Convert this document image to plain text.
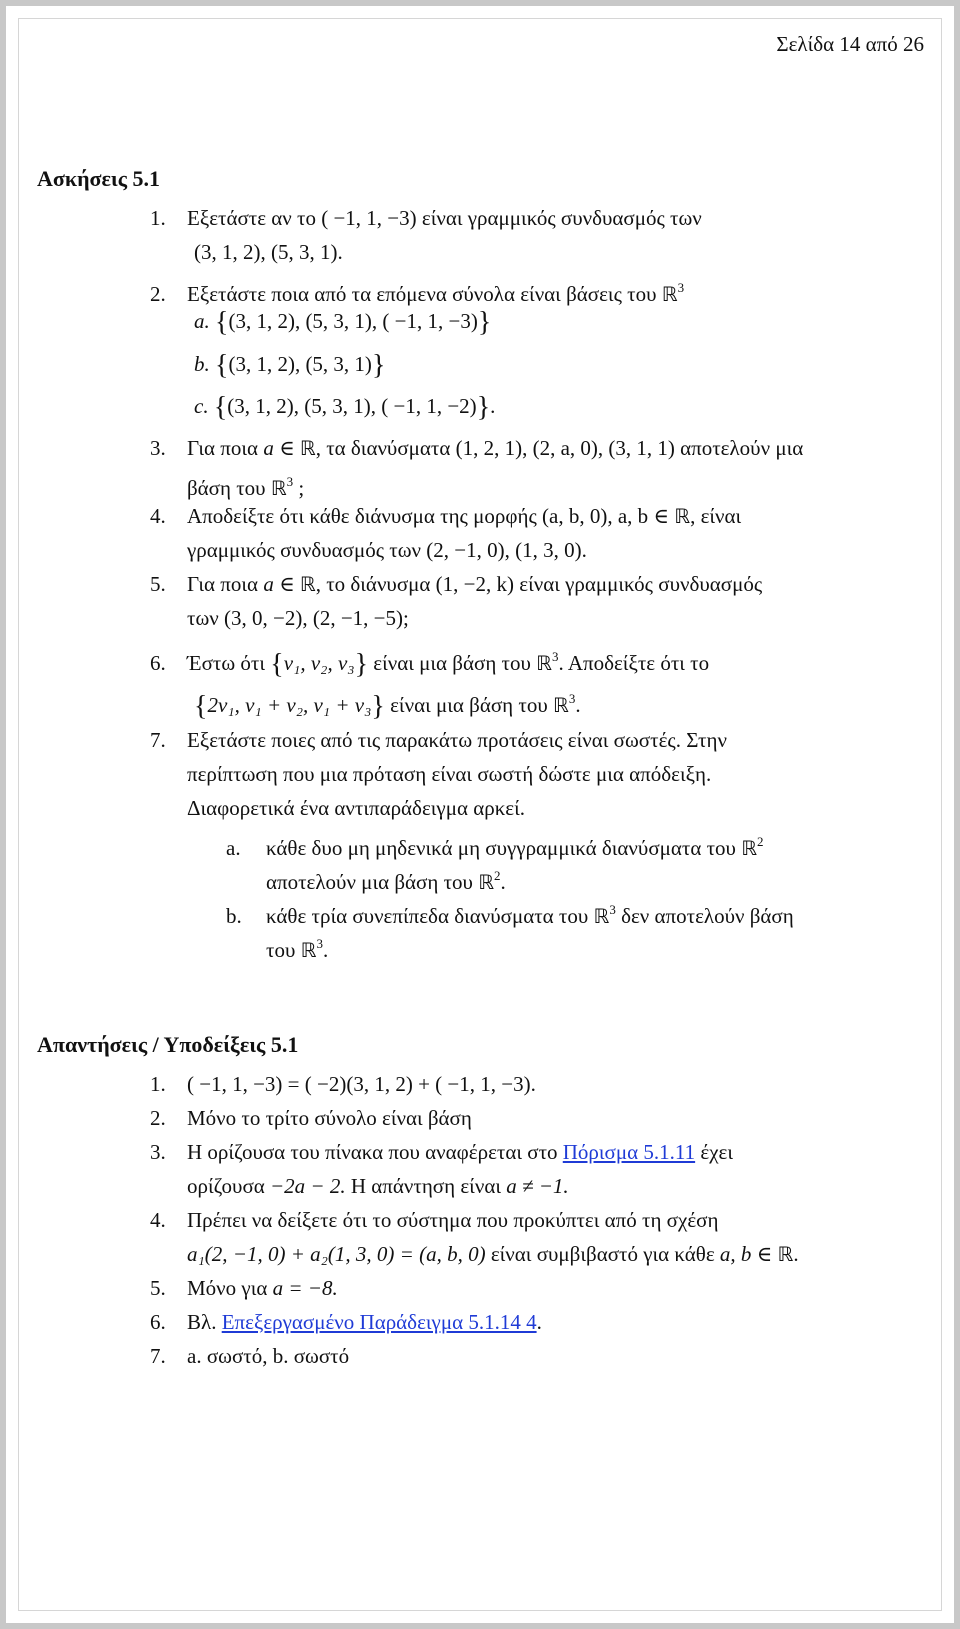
Σελίδα 14 από 26
Ασκήσεις 5.1
1. Εξετάστε αν το ( −1, 1, −3) είναι γραμμικός συνδυασμός των
(3, 1, 2), (5, 3, 1).
2. Εξετάστε ποια από τα επόμενα σύνολα είναι βάσεις του ℝ$^3$
a. {(3, 1, 2), (5, 3, 1), ( −1, 1, −3)}
b. {(3, 1, 2), (5, 3, 1)}
c. {(3, 1, 2), (5, 3, 1), ( −1, 1, −2)}.
3. Για ποια a ∈ ℝ, τα διανύσματα (1, 2, 1), (2, a, 0), (3, 1, 1) αποτελούν μια
βάση του ℝ$^3$ ;
4. Αποδείξτε ότι κάθε διάνυσμα της μορφής (a, b, 0), a, b ∈ ℝ, είναι
γραμμικός συνδυασμός των (2, −1, 0), (1, 3, 0).
5. Για ποια a ∈ ℝ, το διάνυσμα (1, −2, k) είναι γραμμικός συνδυασμός
των (3, 0, −2), (2, −1, −5);
6. Έστω ότι {v₁, v₂, v₃} είναι μια βάση του ℝ$^3$. Αποδείξτε ότι το
{2v₁, v₁ + v₂, v₁ + v₃} είναι μια βάση του ℝ$^3$.
7. Εξετάστε ποιες από τις παρακάτω προτάσεις είναι σωστές. Στην
περίπτωση που μια πρόταση είναι σωστή δώστε μια απόδειξη.
Διαφορετικά ένα αντιπαράδειγμα αρκεί.
a. κάθε δυο μη μηδενικά μη συγγραμμικά διανύσματα του ℝ$^2$
αποτελούν μια βάση του ℝ$^2$.
b. κάθε τρία συνεπίπεδα διανύσματα του ℝ$^3$ δεν αποτελούν βάση
του ℝ$^3$.
Απαντήσεις / Υποδείξεις 5.1
1. ( −1, 1, −3) = ( −2)(3, 1, 2) + ( −1, 1, −3).
2. Μόνο το τρίτο σύνολο είναι βάση
3. Η ορίζουσα του πίνακα που αναφέρεται στο Πόρισμα 5.1.11 έχει
ορίζουσα −2a − 2. Η απάντηση είναι a ≠ −1.
4. Πρέπει να δείξετε ότι το σύστημα που προκύπτει από τη σχέση
a₁(2, −1, 0) + a₂(1, 3, 0) = (a, b, 0) είναι συμβιβαστό για κάθε a, b ∈ ℝ.
5. Μόνο για a = −8.
6. Βλ. Επεξεργασμένο Παράδειγμα 5.1.14 4.
7. a. σωστό, b. σωστό
